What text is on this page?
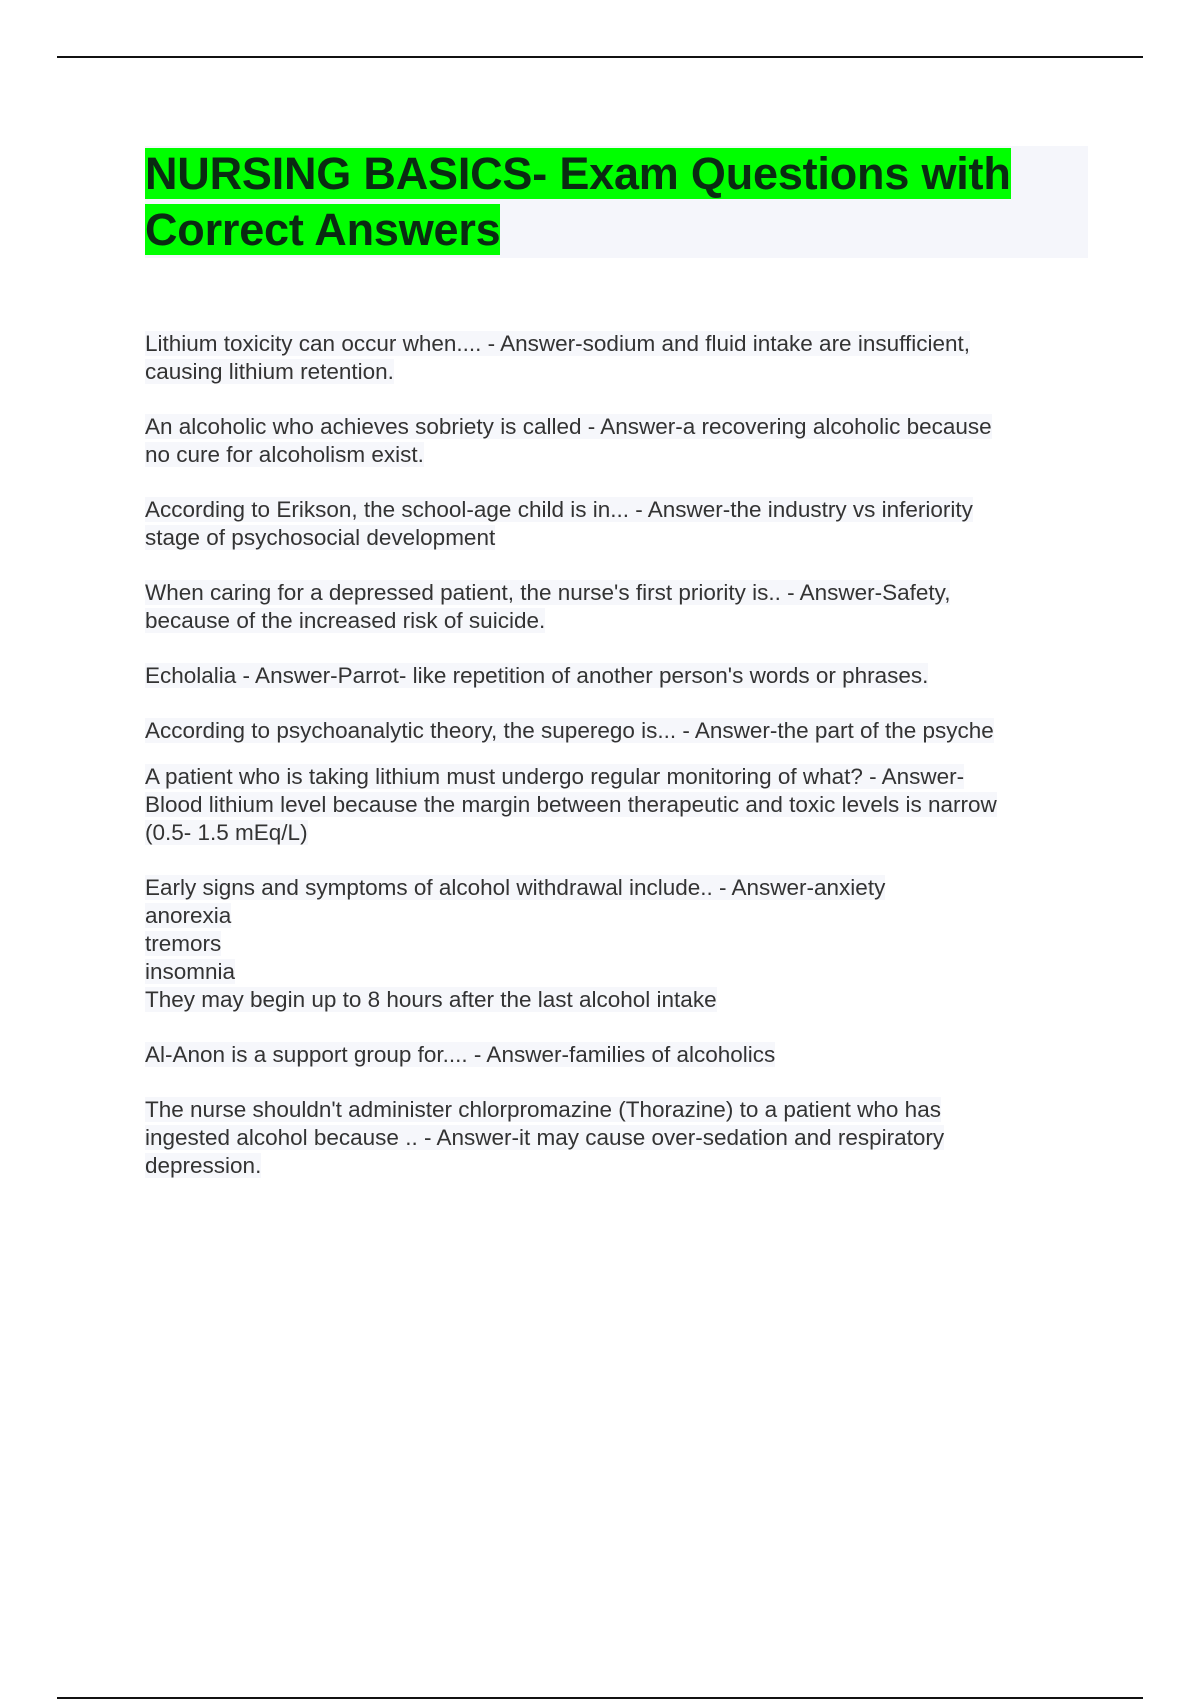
NURSING BASICS- Exam Questions with Correct Answers

Lithium toxicity can occur when.... - Answer-sodium and fluid intake are insufficient,
causing lithium retention.

An alcoholic who achieves sobriety is called - Answer-a recovering alcoholic because
no cure for alcoholism exist.

According to Erikson, the school-age child is in... - Answer-the industry vs inferiority
stage of psychosocial development

When caring for a depressed patient, the nurse's first priority is.. - Answer-Safety,
because of the increased risk of suicide.

Echolalia - Answer-Parrot- like repetition of another person's words or phrases.

According to psychoanalytic theory, the superego is... - Answer-the part of the psyche

A patient who is taking lithium must undergo regular monitoring of what? - Answer-
Blood lithium level because the margin between therapeutic and toxic levels is narrow
(0.5- 1.5 mEq/L)

Early signs and symptoms of alcohol withdrawal include.. - Answer-anxiety
anorexia
tremors
insomnia
They may begin up to 8 hours after the last alcohol intake

Al-Anon is a support group for.... - Answer-families of alcoholics

The nurse shouldn't administer chlorpromazine (Thorazine) to a patient who has
ingested alcohol because .. - Answer-it may cause over-sedation and respiratory
depression.
